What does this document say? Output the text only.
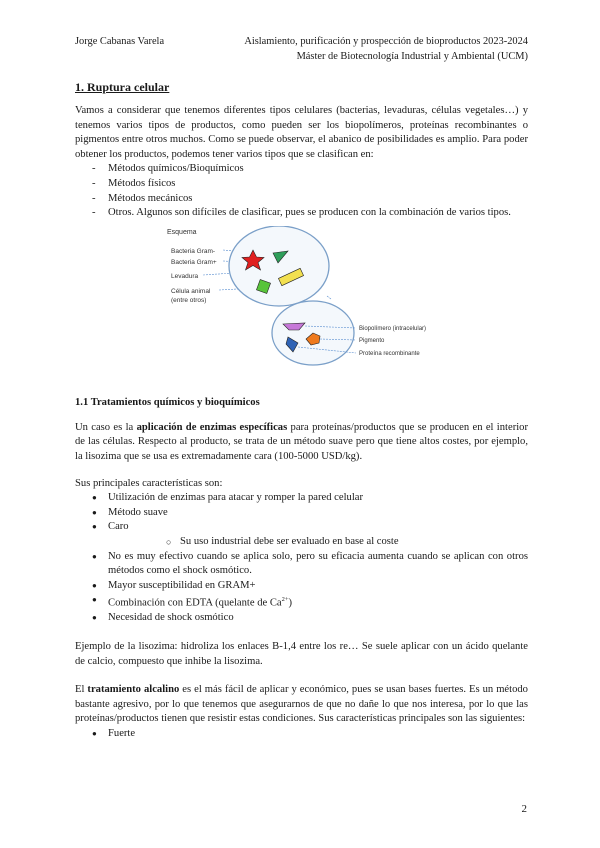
Jorge Cabanas Varela	Aislamiento, purificación y prospección de bioproductos 2023-2024
Máster de Biotecnología Industrial y Ambiental (UCM)
1. Ruptura celular

Vamos a considerar que tenemos diferentes tipos celulares (bacterias, levaduras, células vegetales…) y tenemos varios tipos de productos, como pueden ser los biopolímeros, proteínas recombinantes o pigmentos entre otros muchos. Como se puede observar, el abanico de posibilidades es amplio. Para poder obtener los productos, podemos tener varios tipos que se clasifican en:

- Métodos químicos/Bioquímicos
- Métodos físicos
- Métodos mecánicos
- Otros. Algunos son difíciles de clasificar, pues se producen con la combinación de varios tipos.
Esquema
Bacteria Gram-
Bacteria Gram+
Levadura
Célula animal
(entre otros)
Biopolímero (intracelular)
Pigmento
Proteína recombinante
1.1 Tratamientos químicos y bioquímicos

Un caso es la aplicación de enzimas específicas para proteínas/productos que se producen en el interior de las células. Respecto al producto, se trata de un método suave pero que tiene altos costes, por ejemplo, la lisozima que se usa es extremadamente cara (100-5000 USD/kg).

Sus principales características son:

● Utilización de enzimas para atacar y romper la pared celular
● Método suave
● Caro
○ Su uso industrial debe ser evaluado en base al coste
● No es muy efectivo cuando se aplica solo, pero su eficacia aumenta cuando se aplican con otros métodos como el shock osmótico.
● Mayor susceptibilidad en GRAM+
● Combinación con EDTA (quelante de $Ca^{2+}$)
● Necesidad de shock osmótico

Ejemplo de la lisozima: hidroliza los enlaces B-1,4 entre los re… Se suele aplicar con un ácido quelante de calcio, compuesto que inhibe la lisozima.

El tratamiento alcalino es el más fácil de aplicar y económico, pues se usan bases fuertes. Es un método bastante agresivo, por lo que tenemos que asegurarnos de que no dañe lo que nos interesa, por lo que las proteínas/productos tienen que resistir estas condiciones. Sus características principales son las siguientes:

● Fuerte
2
